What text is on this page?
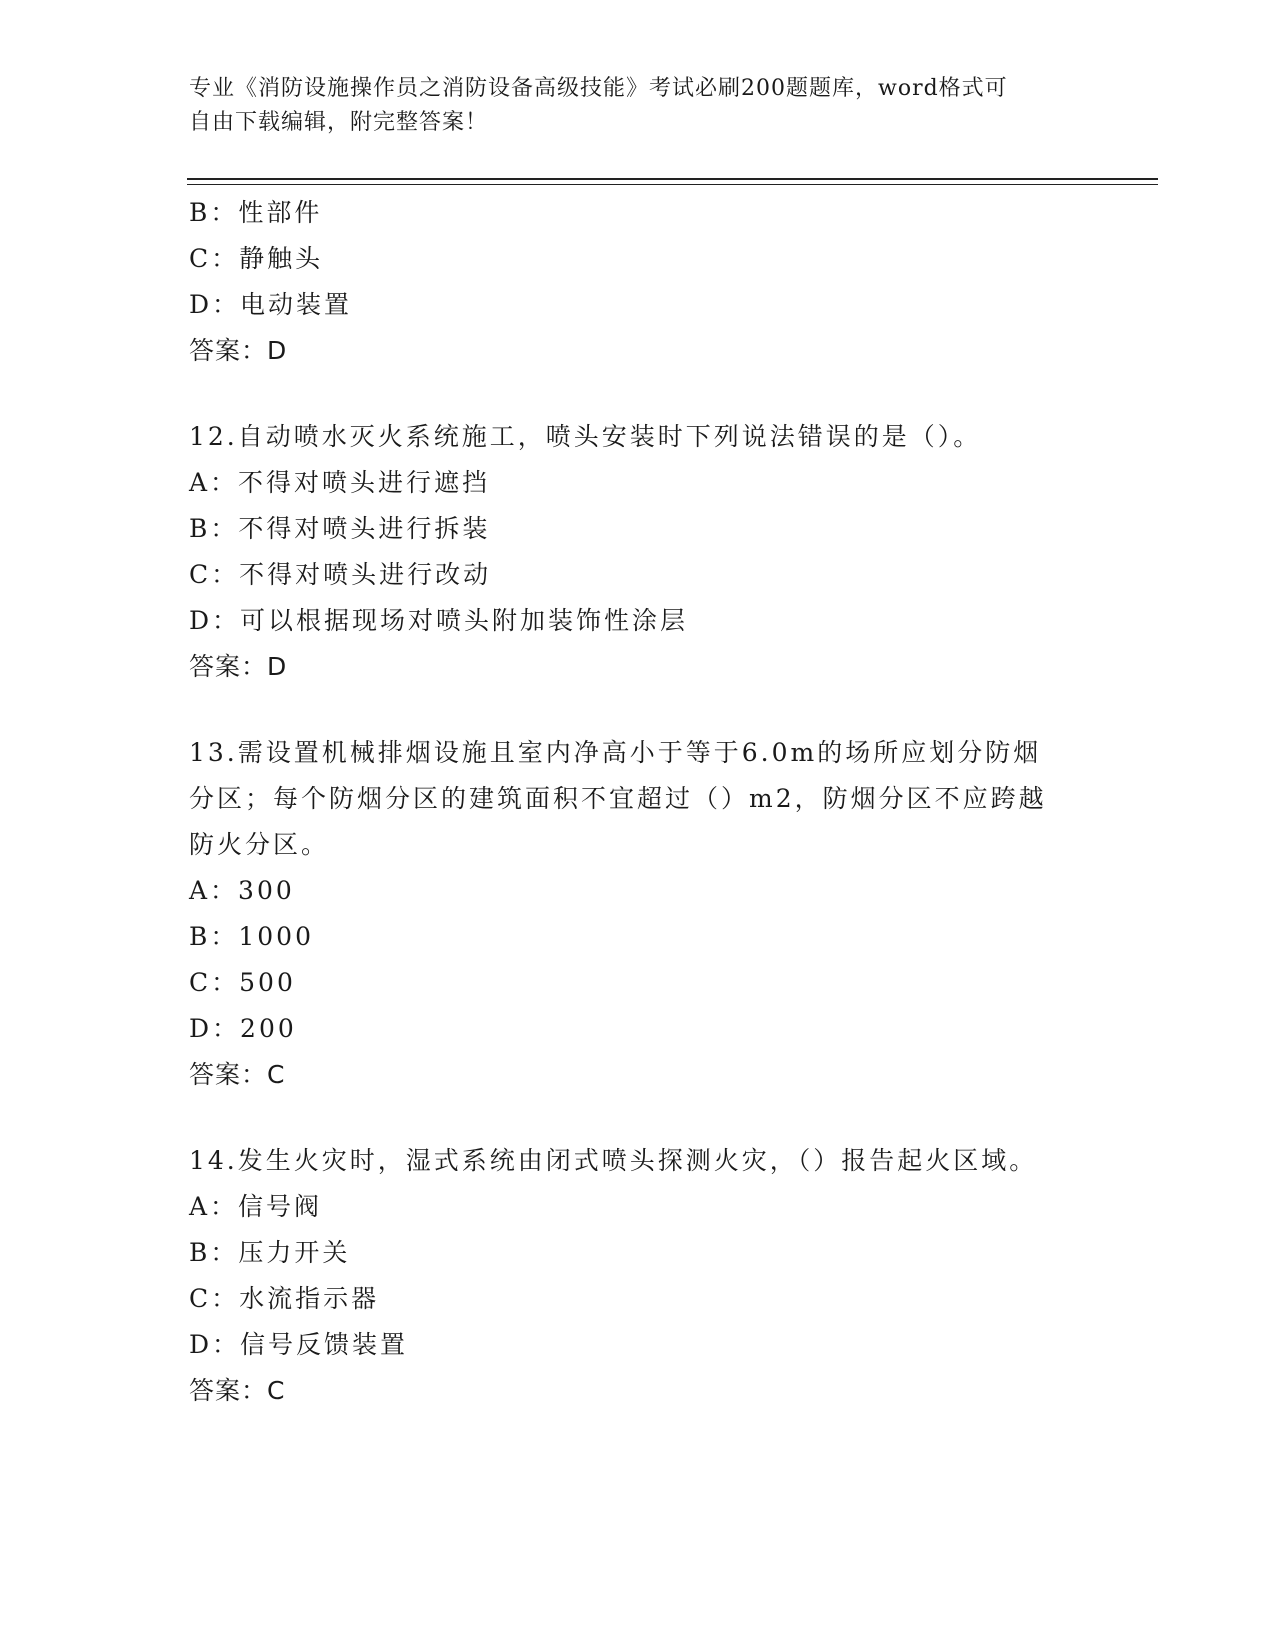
专业《消防设施操作员之消防设备高级技能》考试必刷200题题库，word格式可
自由下载编辑，附完整答案！
B：性部件
C：静触头
D：电动装置
答案：D
12.自动喷水灭火系统施工，喷头安装时下列说法错误的是（）。
A：不得对喷头进行遮挡
B：不得对喷头进行拆装
C：不得对喷头进行改动
D：可以根据现场对喷头附加装饰性涂层
答案：D
13.需设置机械排烟设施且室内净高小于等于6.0m的场所应划分防烟
分区；每个防烟分区的建筑面积不宜超过（）m2，防烟分区不应跨越
防火分区。
A：300
B：1000
C：500
D：200
答案：C
14.发生火灾时，湿式系统由闭式喷头探测火灾，（）报告起火区域。
A：信号阀
B：压力开关
C：水流指示器
D：信号反馈装置
答案：C
